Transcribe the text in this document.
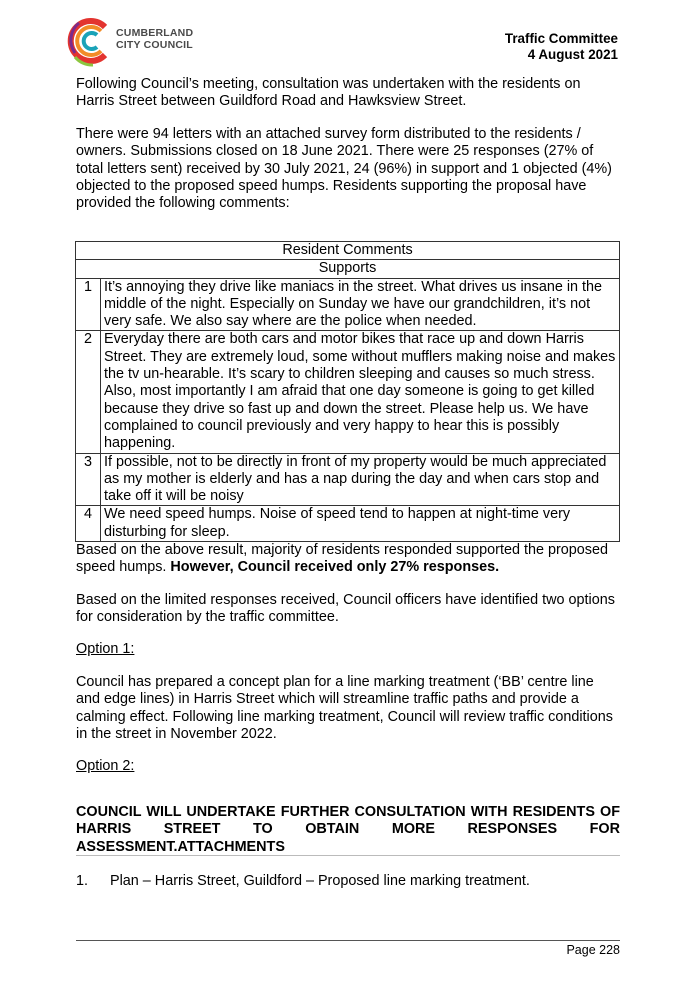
CUMBERLAND
CITY COUNCIL	Traffic Committee
4 August 2021

Following Council’s meeting, consultation was undertaken with the residents on Harris Street between Guildford Road and Hawksview Street.

There were 94 letters with an attached survey form distributed to the residents / owners. Submissions closed on 18 June 2021. There were 25 responses (27% of total letters sent) received by 30 July 2021, 24 (96%) in support and 1 objected (4%) objected to the proposed speed humps. Residents supporting the proposal have provided the following comments:

Resident Comments	
Supports	
1	It’s annoying they drive like maniacs in the street. What drives us insane in the middle of the night. Especially on Sunday we have our grandchildren, it’s not very safe. We also say where are the police when needed.
2	Everyday there are both cars and motor bikes that race up and down Harris Street. They are extremely loud, some without mufflers making noise and makes the tv un-hearable. It’s scary to children sleeping and causes so much stress. Also, most importantly I am afraid that one day someone is going to get killed because they drive so fast up and down the street. Please help us. We have complained to council previously and very happy to hear this is possibly happening.
3	If possible, not to be directly in front of my property would be much appreciated as my mother is elderly and has a nap during the day and when cars stop and take off it will be noisy
4	We need speed humps. Noise of speed tend to happen at night-time very disturbing for sleep.

Based on the above result, majority of residents responded supported the proposed speed humps. However, Council received only 27% responses.

Based on the limited responses received, Council officers have identified two options for consideration by the traffic committee.

Option 1:

Council has prepared a concept plan for a line marking treatment (‘BB’ centre line and edge lines) in Harris Street which will streamline traffic paths and provide a calming effect. Following line marking treatment, Council will review traffic conditions in the street in November 2022.

Option 2:

COUNCIL WILL UNDERTAKE FURTHER CONSULTATION WITH RESIDENTS OF HARRIS STREET TO OBTAIN MORE RESPONSES FOR ASSESSMENT.ATTACHMENTS

1. Plan – Harris Street, Guildford – Proposed line marking treatment.

Page 228
